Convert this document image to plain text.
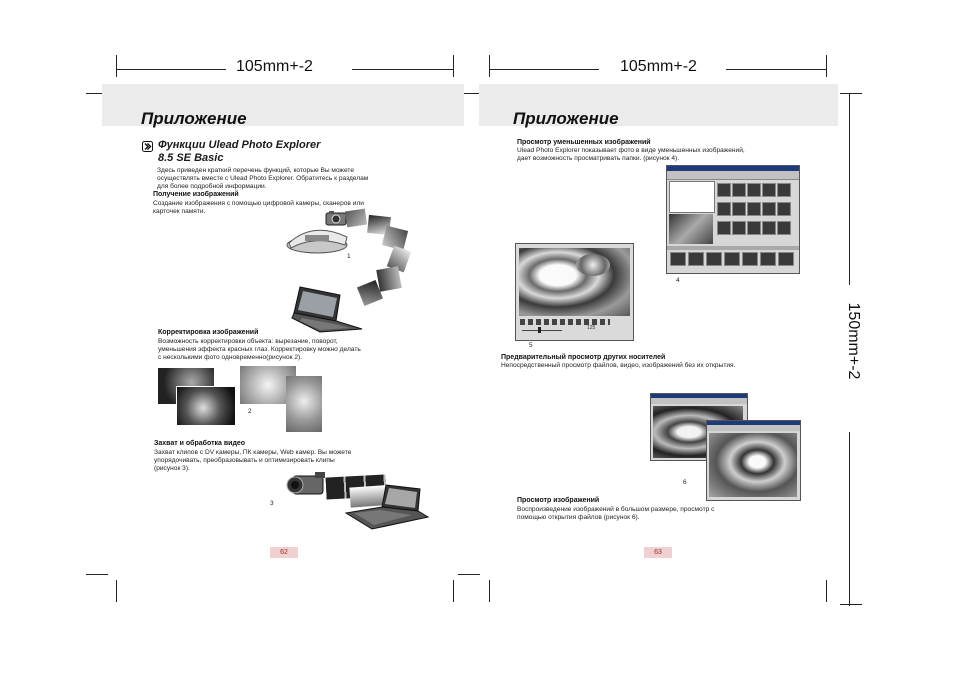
105mm+-2	105mm+-2
150mm+-2
Приложение
Функции Ulead Photo Explorer
8.5 SE Basic
Здесь приведен краткий перечень функций, которые Вы можете
осуществлять вместе с Ulead Photo Explorer. Обратитесь к разделам
для более подробной информации.
Получение изображений
Создание изображения с помощью цифровой камеры, сканеров или
карточек памяти.
1
Корректировка изображений
Возможность корректировки объекта: вырезание, поворот,
уменьшения эффекта красных глаз. Корректировку можно делать
с несколькими фото одновременно(рисунок 2).
2
Захват и обработка видео
Захват клипов с DV камеры, ПК камеры, Web камер. Вы можете
упорядочивать, преобразовывать и оптимизировать клипы
(рисунок 3).
3
62
Приложение
Просмотр уменьшенных изображений
Ulead Photo Explorer показывает фото в виде уменьшенных изображений,
дает возможность просматривать папки. (рисунок 4).
4
125
5
Предварительный просмотр других носителей
Непосредственный просмотр файлов, видео, изображений без их открытия.
6
Просмотр изображений
Воспроизведение изображений в большом размере, просмотр с
помощью открытия файлов (рисунок 6).
63
